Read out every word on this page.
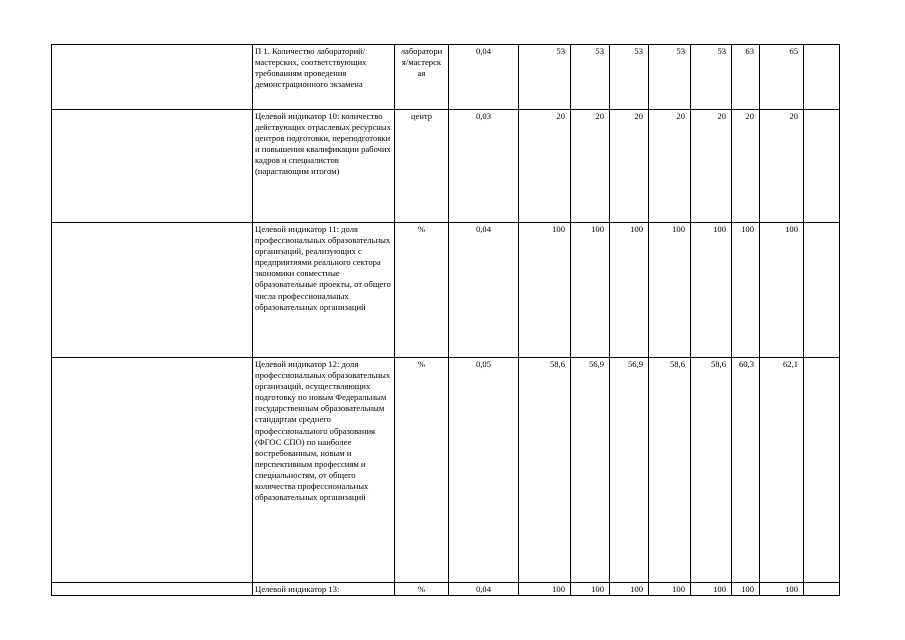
	П 1. Количество лабораторий/мастерских, соответствующих требованиям проведения демонстрационного экзамена	лаборатори я/мастерск ая	0,04	53	53	53	53	53	63	65	
	Целевой индикатор 10: количество действующих отраслевых ресурсных центров подготовки, переподготовки и повышения квалификации рабочих кадров и специалистов (нарастающим итогом)	центр	0,03	20	20	20	20	20	20	20	
	Целевой индикатор 11: доля профессиональных образовательных организаций, реализующих с предприятиями реального сектора экономики совместные образовательные проекты, от общего числа профессиональных образовательных организаций	%	0,04	100	100	100	100	100	100	100	
	Целевой индикатор 12: доля профессиональных образовательных организаций, осуществляющих подготовку по новым Федеральным государственным образовательным стандартам среднего профессионального образования (ФГОС СПО) по наиболее востребованным, новым и перспективным профессиям и специальностям, от общего количества профессиональных образовательных организаций	%	0,05	58,6	56,9	56,9	58,6	58,6	60,3	62,1	
	Целевой индикатор 13:	%	0,04	100	100	100	100	100	100	100	
